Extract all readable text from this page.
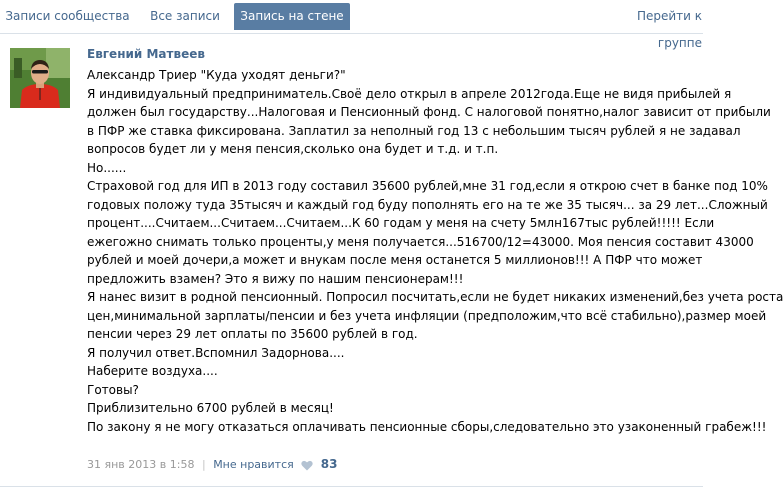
Записи сообщества	Все записи	Запись на стене	Перейти к группе
Евгений Матвеев
Александр Триер "Куда уходят деньги?"
Я индивидуальный предприниматель.Своё дело открыл в апреле 2012года.Еще не видя прибылей я
должен был государству...Налоговая и Пенсионный фонд. С налоговой понятно,налог зависит от прибыли
в ПФР же ставка фиксирована. Заплатил за неполный год 13 с небольшим тысяч рублей я не задавал
вопросов будет ли у меня пенсия,сколько она будет и т.д. и т.п.
Но......
Страховой год для ИП в 2013 году составил 35600 рублей,мне 31 год,если я открою счет в банке под 10%
годовых положу туда 35тысяч и каждый год буду пополнять его на те же 35 тысяч... за 29 лет...Сложный
процент....Считаем...Считаем...Считаем...К 60 годам у меня на счету 5млн167тыс рублей!!!!! Если
ежегожно снимать только проценты,у меня получается...516700/12=43000. Моя пенсия составит 43000
рублей и моей дочери,а может и внукам после меня останется 5 миллионов!!! А ПФР что может
предложить взамен? Это я вижу по нашим пенсионерам!!!
Я нанес визит в родной пенсионный. Попросил посчитать,если не будет никаких изменений,без учета роста
цен,минимальной зарплаты/пенсии и без учета инфляции (предположим,что всё стабильно),размер моей
пенсии через 29 лет оплаты по 35600 рублей в год.
Я получил ответ.Вспомнил Задорнова....
Наберите воздуха....
Готовы?
Приблизительно 6700 рублей в месяц!
По закону я не могу отказаться оплачивать пенсионные сборы,следовательно это узаконенный грабеж!!!
31 янв 2013 в 1:58 | Мне нравится 83
